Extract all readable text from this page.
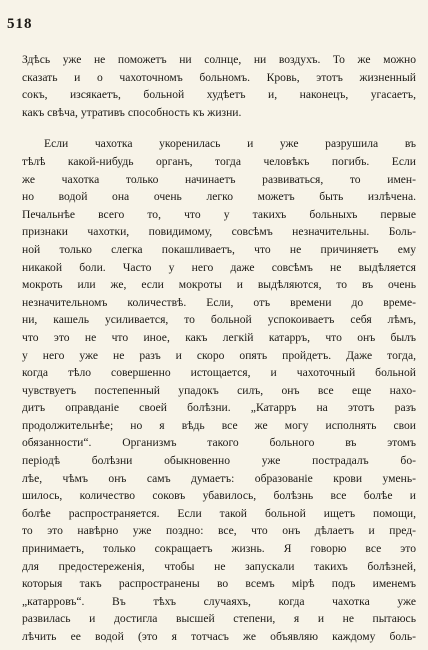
518
Здѣсь уже не поможетъ ни солнце, ни воздухъ. То же можно
сказать и о чахоточномъ больномъ. Кровь, этотъ жизненный
сокъ, изсякаетъ, больной худѣетъ и, наконецъ, угасаетъ,
какъ свѣча, утративъ способность къ жизни.
Если чахотка укоренилась и уже разрушила въ
тѣлѣ какой-нибудь органъ, тогда человѣкъ погибъ. Если
же чахотка только начинаетъ развиваться, то имен-
но водой она очень легко можетъ быть излѣчена.
Печальнѣе всего то, что у такихъ больныхъ первые
признаки чахотки, повидимому, совсѣмъ незначительны. Боль-
ной только слегка покашливаетъ, что не причиняетъ ему
никакой боли. Часто у него даже совсѣмъ не выдѣляется
мокроть или же, если мокроты и выдѣляются, то въ очень
незначительномъ количествѣ. Если, отъ времени до време-
ни, кашель усиливается, то больной успокоиваетъ себя лѣмъ,
что это не что иное, какъ легкій катарръ, что онъ былъ
у него уже не разъ и скоро опять пройдетъ. Даже тогда,
когда тѣло совершенно истощается, и чахоточный больной
чувствуетъ постепенный упадокъ силъ, онъ все еще нахо-
дитъ оправданіе своей болѣзни. „Катарръ на этотъ разъ
продолжительнѣе; но я вѣдь все же могу исполнять свои
обязанности“. Организмъ такого больного въ этомъ
періодѣ болѣзни обыкновенно уже пострадалъ бо-
лѣе, чѣмъ онъ самъ думаетъ: образованіе крови умень-
шилось, количество соковъ убавилось, болѣзнь все болѣе и
болѣе распространяется. Если такой больной ищетъ помощи,
то это навѣрно уже поздно: все, что онъ дѣлаетъ и пред-
принимаетъ, только сокращаетъ жизнь. Я говорю все это
для предостереженія, чтобы не запускали такихъ болѣзней,
которыя такъ распространены во всемъ мірѣ подъ именемъ
„катарровъ“. Въ тѣхъ случаяхъ, когда чахотка уже
развилась и достигла высшей степени, я и не пытаюсь
лѣчить ее водой (это я тотчасъ же объявляю каждому боль-
